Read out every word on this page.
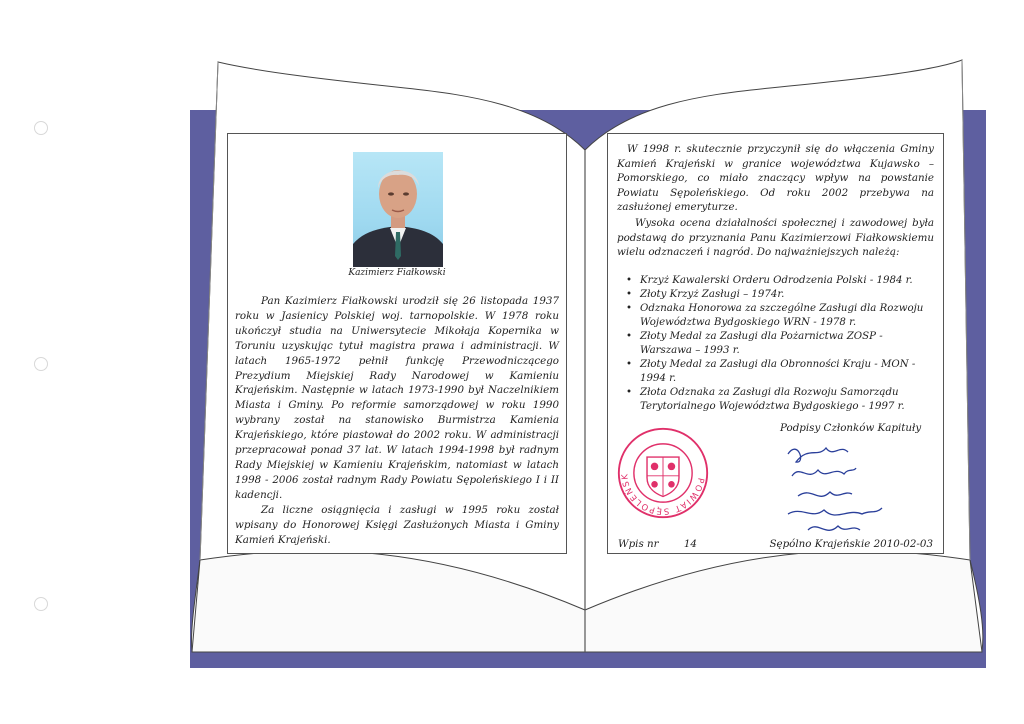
Kazimierz Fiałkowski

Pan Kazimierz Fiałkowski urodził się 26 listopada 1937 roku w Jasienicy Polskiej woj. tarnopolskie. W 1978 roku ukończył studia na Uniwersytecie Mikołaja Kopernika w Toruniu uzyskując tytuł magistra prawa i administracji. W latach 1965-1972 pełnił funkcję Przewodniczącego Prezydium Miejskiej Rady Narodowej w Kamieniu Krajeńskim. Następnie w latach 1973-1990 był Naczelnikiem Miasta i Gminy. Po reformie samorządowej w roku 1990 wybrany został na stanowisko Burmistrza Kamienia Krajeńskiego, które piastował do 2002 roku. W administracji przepracował ponad 37 lat. W latach 1994-1998 był radnym Rady Miejskiej w Kamieniu Krajeńskim, natomiast w latach 1998 - 2006 został radnym Rady Powiatu Sępoleńskiego I i II kadencji.

Za liczne osiągnięcia i zasługi w 1995 roku został wpisany do Honorowej Księgi Zasłużonych Miasta i Gminy Kamień Krajeński.

W 1998 r. skutecznie przyczynił się do włączenia Gminy Kamień Krajeński w granice województwa Kujawsko – Pomorskiego, co miało znaczący wpływ na powstanie Powiatu Sępoleńskiego. Od roku 2002 przebywa na zasłużonej emeryturze.

Wysoka ocena działalności społecznej i zawodowej była podstawą do przyznania Panu Kazimierzowi Fiałkowskiemu wielu odznaczeń i nagród. Do najważniejszych należą:

• Krzyż Kawalerski Orderu Odrodzenia Polski - 1984 r.
• Złoty Krzyż Zasługi – 1974r.
• Odznaka Honorowa za szczególne Zasługi dla Rozwoju Województwa Bydgoskiego WRN - 1978 r.
• Złoty Medal za Zasługi dla Pożarnictwa ZOSP - Warszawa – 1993 r.
• Złoty Medal za Zasługi dla Obronności Kraju - MON - 1994 r.
• Złota Odznaka za Zasługi dla Rozwoju Samorządu Terytorialnego Województwa Bydgoskiego - 1997 r.
POWIAT SĘPOLEŃSK
Podpisy Członków Kapituły
Wpis nr 14	Sępólno Krajeńskie 2010-02-03
